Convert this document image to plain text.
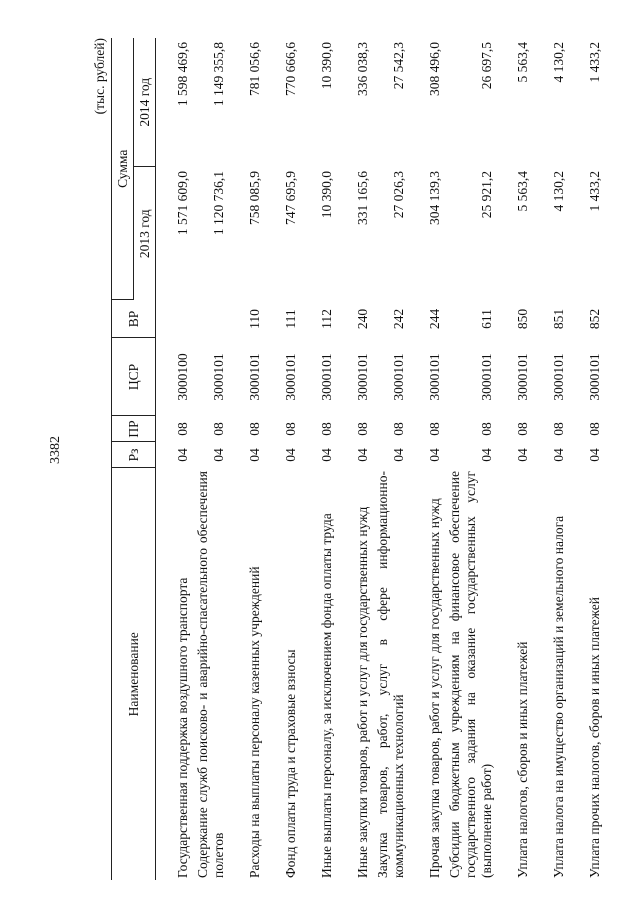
3382
(тыс. рублей)
Наименование	Рз	ПР	ЦСР	ВР	Сумма	
					2013 год	2014 год
Государственная поддержка воздушного транспорта	04	08	3000100		1 571 609,0	1 598 469,6
Содержание служб поисково- и аварийно-спасательного обеспечения полетов	04	08	3000101		1 120 736,1	1 149 355,8
Расходы на выплаты персоналу казенных учреждений	04	08	3000101	110	758 085,9	781 056,6
Фонд оплаты труда и страховые взносы	04	08	3000101	111	747 695,9	770 666,6
Иные выплаты персоналу, за исключением фонда оплаты труда	04	08	3000101	112	10 390,0	10 390,0
Иные закупки товаров, работ и услуг для государственных нужд	04	08	3000101	240	331 165,6	336 038,3
Закупка товаров, работ, услуг в сфере информационно-коммуникационных технологий	04	08	3000101	242	27 026,3	27 542,3
Прочая закупка товаров, работ и услуг для государственных нужд	04	08	3000101	244	304 139,3	308 496,0
Субсидии бюджетным учреждениям на финансовое обеспечение государственного задания на оказание государственных услуг (выполнение работ)	04	08	3000101	611	25 921,2	26 697,5
Уплата налогов, сборов и иных платежей	04	08	3000101	850	5 563,4	5 563,4
Уплата налога на имущество организаций и земельного налога	04	08	3000101	851	4 130,2	4 130,2
Уплата прочих налогов, сборов и иных платежей	04	08	3000101	852	1 433,2	1 433,2
